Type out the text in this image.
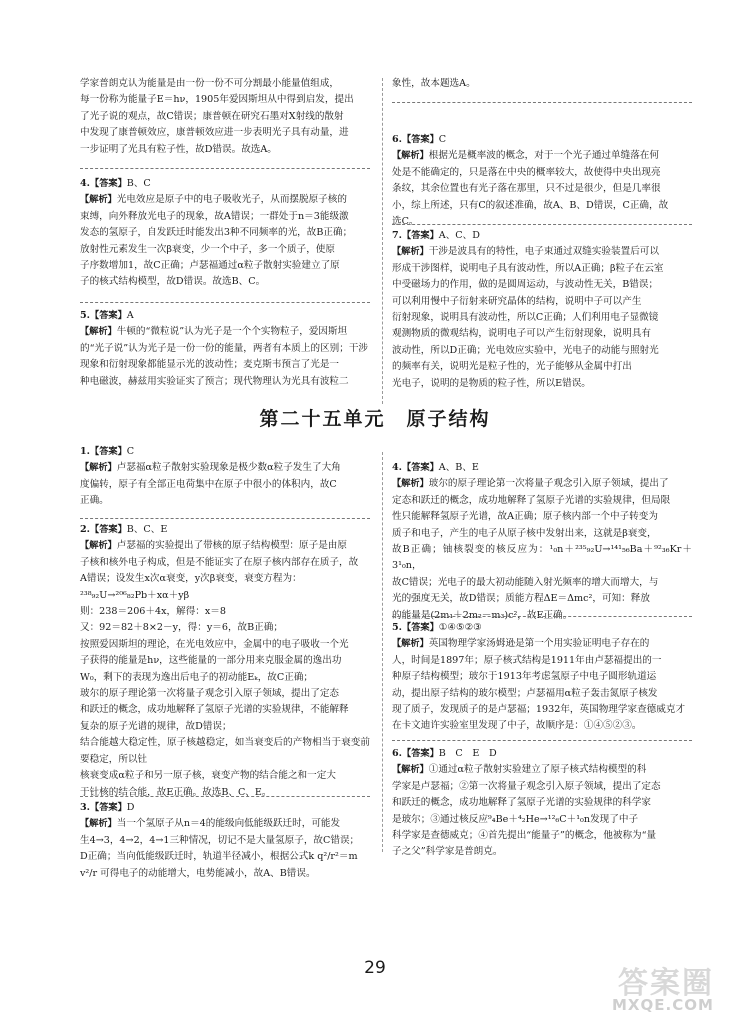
学家普朗克认为能量是由一份一份不可分割最小能量值组成，

每一份称为能量子E＝hν，1905年爱因斯坦从中得到启发，提出

了光子说的观点，故C错误；康普顿在研究石墨对X射线的散射

中发现了康普顿效应，康普顿效应进一步表明光子具有动量，进

一步证明了光具有粒子性，故D错误。故选A。

4.【答案】B、C

【解析】光电效应是原子中的电子吸收光子，从而摆脱原子核的

束缚，向外释放光电子的现象，故A错误；一群处于n＝3能级激

发态的氢原子，自发跃迁时能发出3种不同频率的光，故B正确；

放射性元素发生一次β衰变，少一个中子，多一个质子，使原

子序数增加1，故C正确；卢瑟福通过α粒子散射实验建立了原

子的核式结构模型，故D错误。故选B、C。

5.【答案】A

【解析】牛顿的“微粒说”认为光子是一个个实物粒子，爱因斯坦

的“光子说”认为光子是一份一份的能量，两者有本质上的区别；干涉

现象和衍射现象都能显示光的波动性；麦克斯韦预言了光是一

种电磁波，赫兹用实验证实了预言；现代物理认为光具有波粒二

象性，故本题选A。

6.【答案】C

【解析】根据光是概率波的概念，对于一个光子通过单缝落在何

处是不能确定的，只是落在中央的概率较大，故使得中央出现亮

条纹，其余位置也有光子落在那里，只不过是很少，但是几率很

小，综上所述，只有C的叙述准确，故A、B、D错误，C正确，故

选C。

7.【答案】A、C、D

【解析】干涉是波具有的特性，电子束通过双缝实验装置后可以

形成干涉图样，说明电子具有波动性，所以A正确；β粒子在云室

中受磁场力的作用，做的是圆周运动，与波动性无关，B错误；

可以利用慢中子衍射来研究晶体的结构，说明中子可以产生

衍射现象，说明具有波动性，所以C正确；人们利用电子显微镜

观测物质的微观结构，说明电子可以产生衍射现象，说明具有

波动性，所以D正确；光电效应实验中，光电子的动能与照射光

的频率有关，说明光是粒子性的，光子能够从金属中打出

光电子，说明的是物质的粒子性，所以E错误。

第二十五单元　原子结构

1.【答案】C

【解析】卢瑟福α粒子散射实验现象是极少数α粒子发生了大角

度偏转，原子有全部正电荷集中在原子中很小的体积内，故C

正确。

2.【答案】B、C、E

【解析】卢瑟福的实验提出了带核的原子结构模型：原子是由原

子核和核外电子构成，但是不能证实了在原子核内部存在质子，故

A错误；设发生x次α衰变，y次β衰变，衰变方程为：

²³⁸₉₂U→²⁰⁶₈₂Pb＋xα＋yβ

则：238＝206＋4x，解得：x＝8

又：92＝82＋8×2－y，得：y＝6，故B正确；

按照爱因斯坦的理论，在光电效应中，金属中的电子吸收一个光

子获得的能量是hν，这些能量的一部分用来克服金属的逸出功

W₀，剩下的表现为逸出后电子的初动能Eₖ，故C正确；

玻尔的原子理论第一次将量子观念引入原子领域，提出了定态

和跃迁的概念，成功地解释了氢原子光谱的实验规律，不能解释

复杂的原子光谱的规律，故D错误；

结合能越大稳定性，原子核越稳定，如当衰变后的产物相当于衰变前要稳定，所以钍

核衰变成α粒子和另一原子核，衰变产物的结合能之和一定大

于钍核的结合能，故E正确。故选B、C、E。

3.【答案】D

【解析】当一个氢原子从n＝4的能级向低能级跃迁时，可能发

生4→3，4→2，4→1三种情况，切记不是大量氢原子，故C错误；

D正确；当向低能级跃迁时，轨道半径减小，根据公式k q²/r²＝m

v²/r 可得电子的动能增大，电势能减小，故A、B错误。

4.【答案】A、B、E

【解析】玻尔的原子理论第一次将量子观念引入原子领域，提出了

定态和跃迁的概念，成功地解释了氢原子光谱的实验规律，但局限

性只能解释氢原子光谱，故A正确；原子核内部一个中子转变为

质子和电子，产生的电子从原子核中发射出来，这就是β衰变，

故B正确；铀核裂变的核反应为：¹₀n＋²³⁵₉₂U→¹⁴¹₅₆Ba＋⁹²₃₆Kr＋3¹₀n，

故C错误；光电子的最大初动能随入射光频率的增大而增大，与

光的强度无关，故D错误；质能方程ΔE＝Δmc²，可知：释放

的能量是(2m₁＋2m₂－m₃)c²，故E正确。

5.【答案】①④⑤②③

【解析】英国物理学家汤姆逊是第一个用实验证明电子存在的

人，时间是1897年；原子核式结构是1911年由卢瑟福提出的一

种原子结构模型；玻尔于1913年考虑氢原子中电子圆形轨道运

动，提出原子结构的玻尔模型；卢瑟福用α粒子轰击氮原子核发

现了质子，发现质子的是卢瑟福；1932年，英国物理学家查德威克才

在卡文迪许实验室里发现了中子，故顺序是：①④⑤②③。

6.【答案】B　C　E　D

【解析】①通过α粒子散射实验建立了原子核式结构模型的科

学家是卢瑟福；②第一次将量子观念引入原子领域，提出了定态

和跃迁的概念，成功地解释了氢原子光谱的实验规律的科学家

是玻尔；③通过核反应⁹₄Be＋⁴₂He→¹²₆C＋¹₀n发现了中子

科学家是查德威克；④首先提出“能量子”的概念，他被称为“量

子之父”科学家是普朗克。

29	答案圈
MXQE.COM
